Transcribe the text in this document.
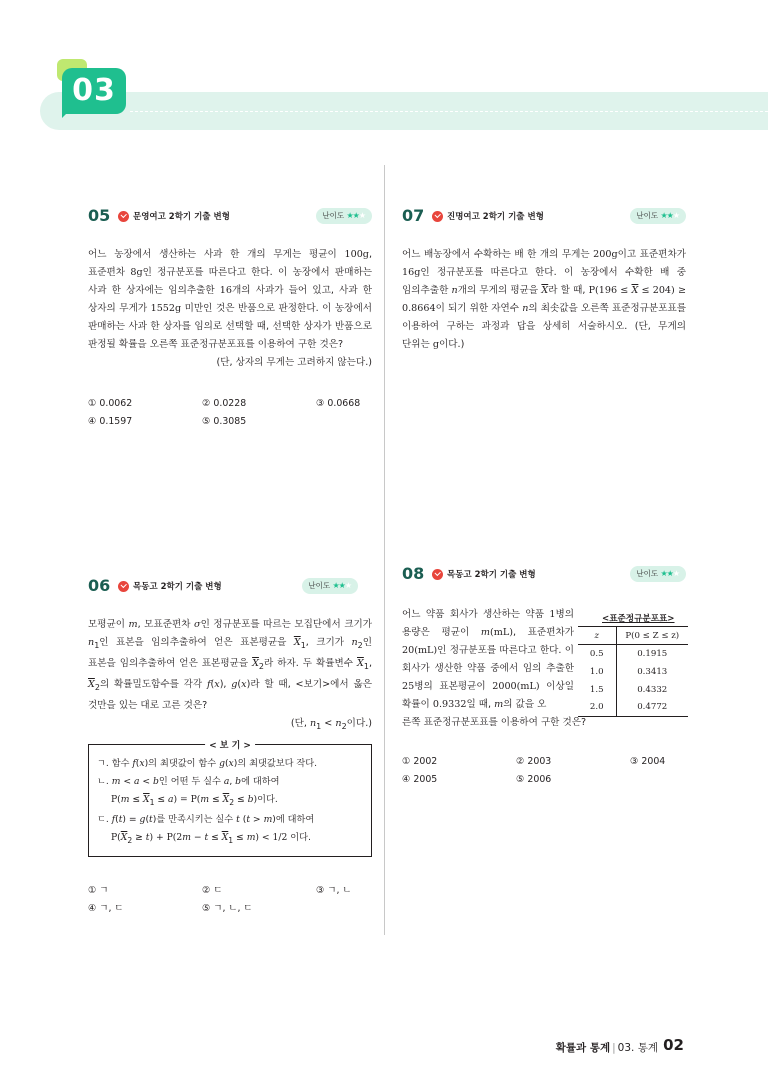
03
05	문영여고 2학기 기출 변형	난이도 ★★★
어느 농장에서 생산하는 사과 한 개의 무게는 평균이 100g, 표준편차 8g인 정규분포를 따른다고 한다. 이 농장에서 판매하는 사과 한 상자에는 임의추출한 16개의 사과가 들어 있고, 사과 한 상자의 무게가 1552g 미만인 것은 반품으로 판정한다. 이 농장에서 판매하는 사과 한 상자를 임의로 선택할 때, 선택한 상자가 반품으로 판정될 확률을 오른쪽 표준정규분포표를 이용하여 구한 것은?
(단, 상자의 무게는 고려하지 않는다.)
① 0.0062	② 0.0228	③ 0.0668
④ 0.1597	⑤ 0.3085
07	진명여고 2학기 기출 변형	난이도 ★★★
어느 배농장에서 수확하는 배 한 개의 무게는 200g이고 표준편차가 16g인 정규분포를 따른다고 한다. 이 농장에서 수확한 배 중 임의추출한 n개의 무게의 평균을 $\overline{X}$라 할 때, $P(196 \le \overline{X} \le 204) \ge 0.8664$이 되기 위한 자연수 n의 최솟값을 오른쪽 표준정규분포표를 이용하여 구하는 과정과 답을 상세히 서술하시오. (단, 무게의 단위는 g이다.)
06	목동고 2학기 기출 변형	난이도 ★★★
모평균이 m, 모표준편차 σ인 정규분포를 따르는 모집단에서 크기가 $n_1$인 표본을 임의추출하여 얻은 표본평균을 $\overline{X}_1$, 크기가 $n_2$인 표본을 임의추출하여 얻은 표본평균을 $\overline{X}_2$라 하자. 두 확률변수 $\overline{X}_1$, $\overline{X}_2$의 확률밀도함수를 각각 f(x), g(x)라 할 때, <보기>에서 옳은 것만을 있는 대로 고른 것은?
(단, $n_1 < n_2$이다.)
< 보 기 >
ㄱ. 함수 f(x)의 최댓값이 함수 g(x)의 최댓값보다 작다.
ㄴ. m < a < b인 어떤 두 실수 a, b에 대하여
$P(m \le \overline{X}_1 \le a) = P(m \le \overline{X}_2 \le b)$이다.
ㄷ. f(t) = g(t)를 만족시키는 실수 t (t > m)에 대하여
$P(\overline{X}_2 \ge t) + P(2m - t \le \overline{X}_1 \le m) < 1/2$ 이다.
① ㄱ	② ㄷ	③ ㄱ, ㄴ
④ ㄱ, ㄷ	⑤ ㄱ, ㄴ, ㄷ
08	목동고 2학기 기출 변형	난이도 ★★★
어느 약품 회사가 생산하는 약품 1병의 용량은 평균이 m(mL), 표준편차가 20(mL)인 정규분포를 따른다고 한다. 이 회사가 생산한 약품 중에서 임의 추출한 25병의 표본평균이 2000(mL) 이상일 확률이 0.9332일 때, m의 값을 오
른쪽 표준정규분포표를 이용하여 구한 것은?
① 2002	② 2003	③ 2004
④ 2005	⑤ 2006
<표준정규분포표>
z	P(0 ≤ Z ≤ z)
0.5	0.1915
1.0	0.3413
1.5	0.4332
2.0	0.4772
확률과 통계 | 03. 통계 02
